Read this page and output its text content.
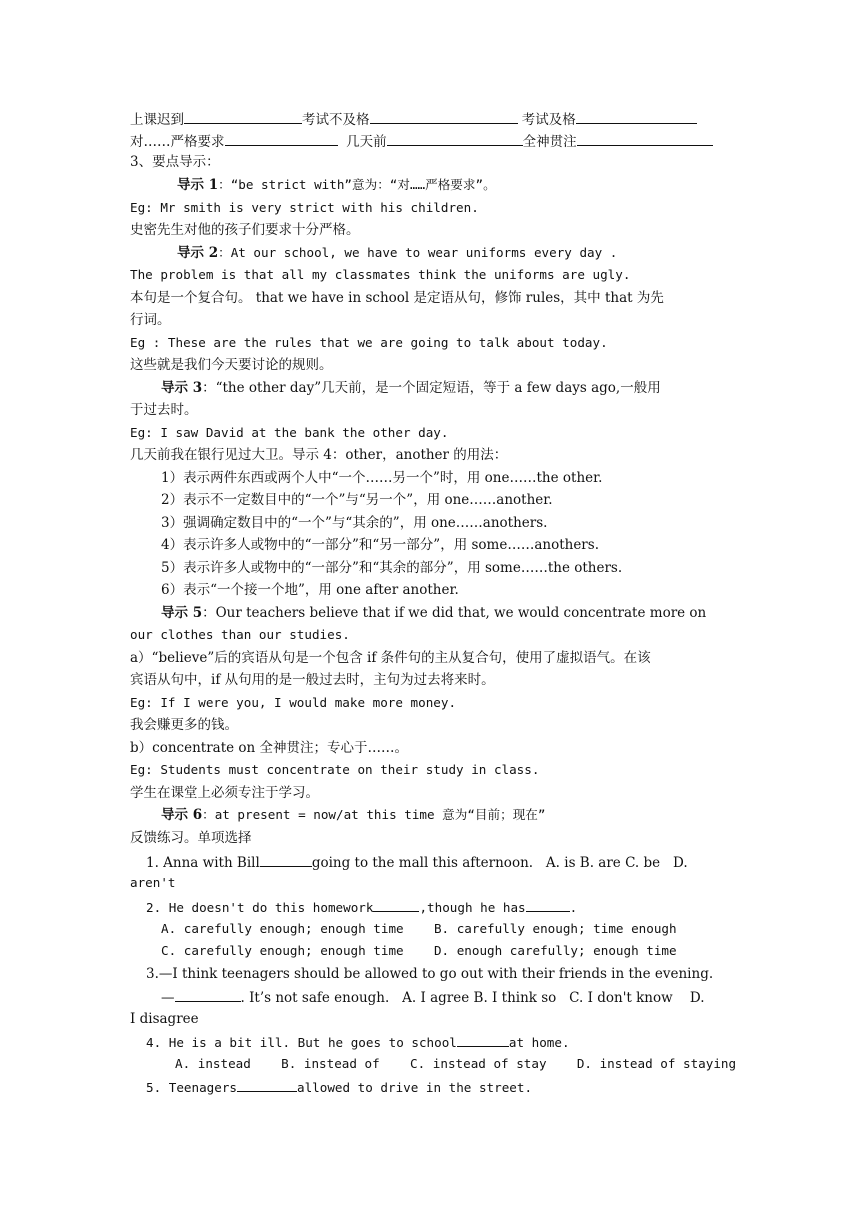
上课迟到	考试不及格	考试及格
对……严格要求	几天前	全神贯注
3、要点导示：
导示 1：“be strict with”意为：“对……严格要求”。
Eg: Mr smith is very strict with his children.
史密先生对他的孩子们要求十分严格。
导示 2：At our school, we have to wear uniforms every day .
The problem is that all my classmates think the uniforms are ugly.
本句是一个复合句。 that we have in school 是定语从句，修饰 rules，其中 that 为先
行词。
Eg : These are the rules that we are going to talk about today.
这些就是我们今天要讨论的规则。
导示 3：“the other day”几天前，是一个固定短语，等于 a few days ago,一般用
于过去时。
Eg: I saw David at the bank the other day.
几天前我在银行见过大卫。导示 4：other，another 的用法：
1）表示两件东西或两个人中“一个……另一个”时，用 one……the other.
2）表示不一定数目中的“一个”与“另一个”，用 one……another.
3）强调确定数目中的“一个”与“其余的”，用 one……anothers.
4）表示许多人或物中的“一部分”和“另一部分”，用 some……anothers.
5）表示许多人或物中的“一部分”和“其余的部分”，用 some……the others.
6）表示“一个接一个地”，用 one after another.
导示 5：Our teachers believe that if we did that, we would concentrate more on
our clothes than our studies.
a）“believe”后的宾语从句是一个包含 if 条件句的主从复合句，使用了虚拟语气。在该
宾语从句中，if 从句用的是一般过去时，主句为过去将来时。
Eg: If I were you, I would make more money.
我会赚更多的钱。
b）concentrate on 全神贯注；专心于……。
Eg: Students must concentrate on their study in class.
学生在课堂上必须专注于学习。
导示 6：at present = now/at this time 意为“目前；现在”
反馈练习。单项选择
1. Anna with Bill	going to the mall this afternoon.   A. is B. are C. be   D.
aren't
2. He doesn't do this homework	,though he has	.
A. carefully enough; enough time    B. carefully enough; time enough
C. carefully enough; enough time    D. enough carefully; enough time
3.—I think teenagers should be allowed to go out with their friends in the evening.
—	. It’s not safe enough.   A. I agree B. I think so   C. I don't know    D.
I disagree
4. He is a bit ill. But he goes to school	at home.
A. instead    B. instead of    C. instead of stay    D. instead of staying
5. Teenagers	allowed to drive in the street.
